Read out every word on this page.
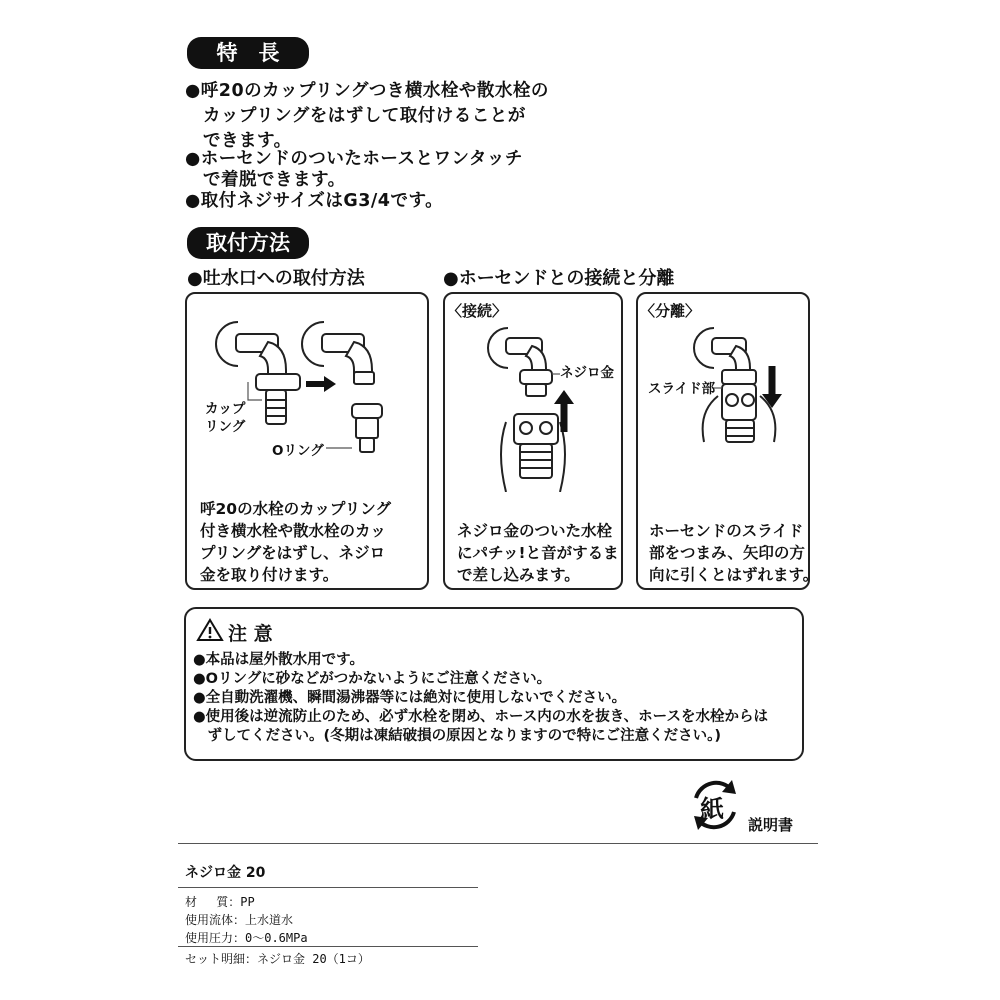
特　長
●呼20のカップリングつき横水栓や散水栓の
　カップリングをはずして取付けることが
　できます。
●ホーセンドのついたホースとワンタッチ
　で着脱できます。
●取付ネジサイズはG3/4です。
取付方法
●吐水口への取付方法	●ホーセンドとの接続と分離
カップ
リング
Oリング
呼20の水栓のカップリング
付き横水栓や散水栓のカッ
プリングをはずし、ネジロ
金を取り付けます。
〈接続〉
ネジロ金
ネジロ金のついた水栓
にパチッ!と音がするま
で差し込みます。
〈分離〉
スライド部
ホーセンドのスライド
部をつまみ、矢印の方
向に引くとはずれます。
注 意
●本品は屋外散水用です。
●Oリングに砂などがつかないようにご注意ください。
●全自動洗濯機、瞬間湯沸器等には絶対に使用しないでください。
●使用後は逆流防止のため、必ず水栓を閉め、ホース内の水を抜き、ホースを水栓からは
　ずしてください。(冬期は凍結破損の原因となりますので特にご注意ください。)
紙
説明書
ネジロ金 20
材　 質：PP
使用流体：上水道水
使用圧力：0～0.6MPa
セット明細：ネジロ金 20（1コ）
